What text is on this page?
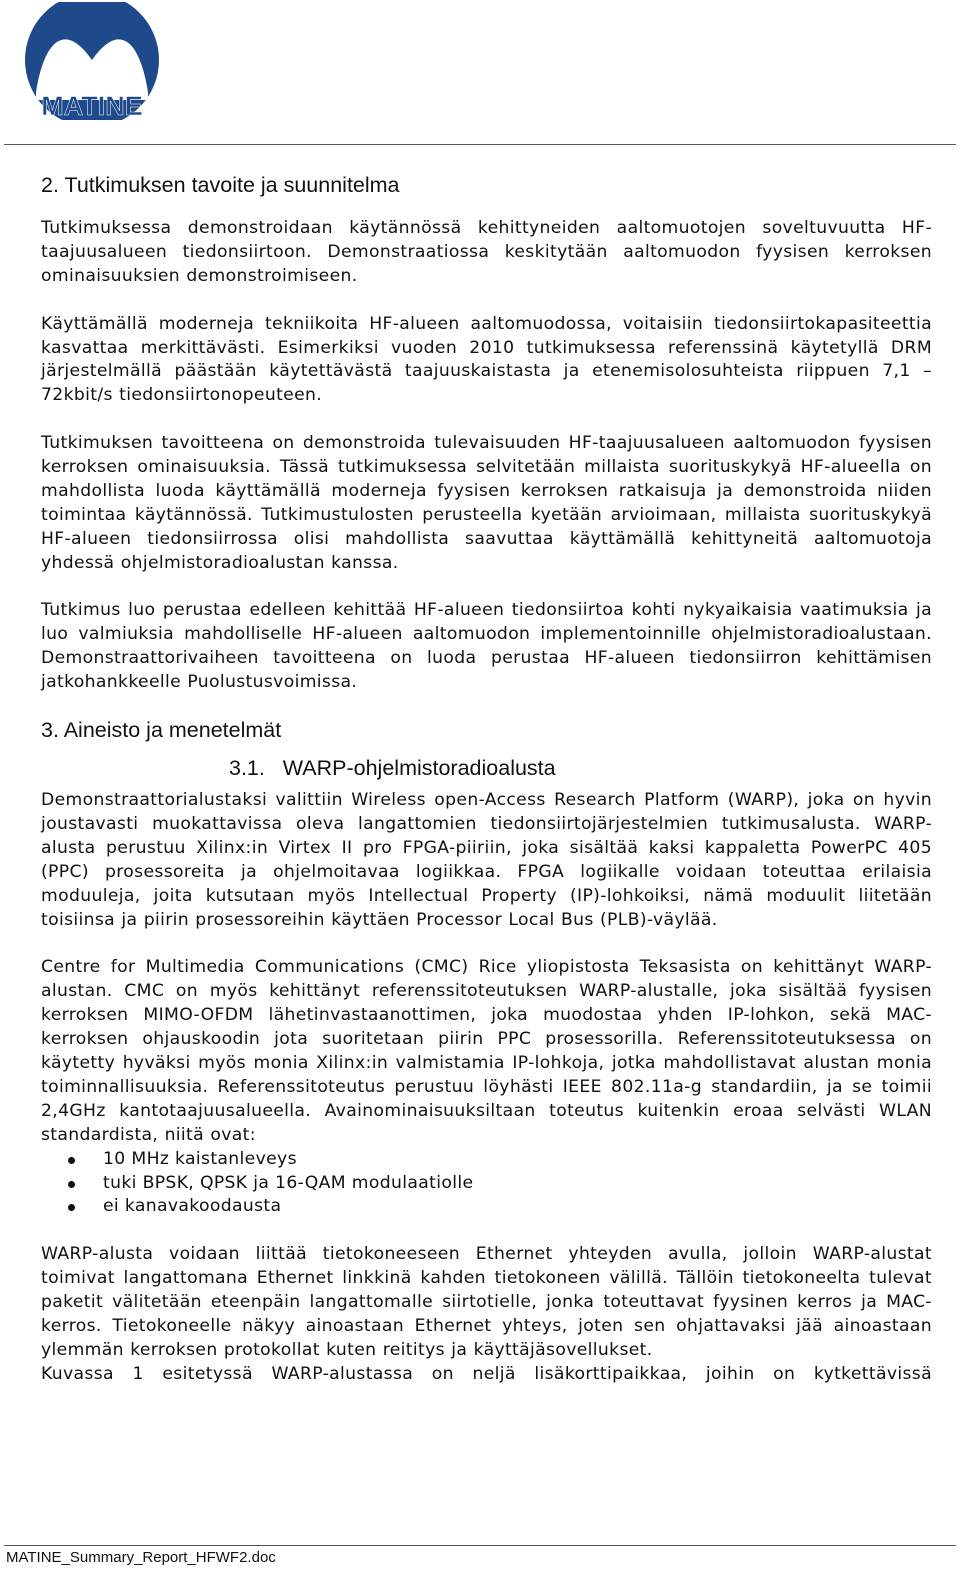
MATINE
2. Tutkimuksen tavoite ja suunnitelma

Tutkimuksessa demonstroidaan käytännössä kehittyneiden aaltomuotojen soveltuvuutta HF-taajuusalueen tiedonsiirtoon. Demonstraatiossa keskitytään aaltomuodon fyysisen kerroksen ominaisuuksien demonstroimiseen.

Käyttämällä moderneja tekniikoita HF-alueen aaltomuodossa, voitaisiin tiedonsiirtokapasiteettia kasvattaa merkittävästi. Esimerkiksi vuoden 2010 tutkimuksessa referenssinä käytetyllä DRM järjestelmällä päästään käytettävästä taajuuskaistasta ja etenemisolosuhteista riippuen 7,1 – 72kbit/s tiedonsiirtonopeuteen.

Tutkimuksen tavoitteena on demonstroida tulevaisuuden HF-taajuusalueen aaltomuodon fyysisen kerroksen ominaisuuksia. Tässä tutkimuksessa selvitetään millaista suorituskykyä HF-alueella on mahdollista luoda käyttämällä moderneja fyysisen kerroksen ratkaisuja ja demonstroida niiden toimintaa käytännössä. Tutkimustulosten perusteella kyetään arvioimaan, millaista suorituskykyä HF-alueen tiedonsiirrossa olisi mahdollista saavuttaa käyttämällä kehittyneitä aaltomuotoja yhdessä ohjelmistoradioalustan kanssa.

Tutkimus luo perustaa edelleen kehittää HF-alueen tiedonsiirtoa kohti nykyaikaisia vaatimuksia ja luo valmiuksia mahdolliselle HF-alueen aaltomuodon implementoinnille ohjelmistoradioalustaan. Demonstraattorivaiheen tavoitteena on luoda perustaa HF-alueen tiedonsiirron kehittämisen jatkohankkeelle Puolustusvoimissa.

3. Aineisto ja menetelmät
3.1.   WARP-ohjelmistoradioalusta

Demonstraattorialustaksi valittiin Wireless open-Access Research Platform (WARP), joka on hyvin joustavasti muokattavissa oleva langattomien tiedonsiirtojärjestelmien tutkimusalusta. WARP-alusta perustuu Xilinx:in Virtex II pro FPGA-piiriin, joka sisältää kaksi kappaletta PowerPC 405 (PPC) prosessoreita ja ohjelmoitavaa logiikkaa. FPGA logiikalle voidaan toteuttaa erilaisia moduuleja, joita kutsutaan myös Intellectual Property (IP)-lohkoiksi, nämä moduulit liitetään toisiinsa ja piirin prosessoreihin käyttäen Processor Local Bus (PLB)-väylää.

Centre for Multimedia Communications (CMC) Rice yliopistosta Teksasista on kehittänyt WARP-alustan. CMC on myös kehittänyt referenssitoteutuksen WARP-alustalle, joka sisältää fyysisen kerroksen MIMO-OFDM lähetinvastaanottimen, joka muodostaa yhden IP-lohkon, sekä MAC-kerroksen ohjauskoodin jota suoritetaan piirin PPC prosessorilla. Referenssitoteutuksessa on käytetty hyväksi myös monia Xilinx:in valmistamia IP-lohkoja, jotka mahdollistavat alustan monia toiminnallisuuksia. Referenssitoteutus perustuu löyhästi IEEE 802.11a-g standardiin, ja se toimii 2,4GHz kantotaajuusalueella. Avainominaisuuksiltaan toteutus kuitenkin eroaa selvästi WLAN standardista, niitä ovat:

10 MHz kaistanleveys
tuki BPSK, QPSK ja 16-QAM modulaatiolle
ei kanavakoodausta

WARP-alusta voidaan liittää tietokoneeseen Ethernet yhteyden avulla, jolloin WARP-alustat toimivat langattomana Ethernet linkkinä kahden tietokoneen välillä. Tällöin tietokoneelta tulevat paketit välitetään eteenpäin langattomalle siirtotielle, jonka toteuttavat fyysinen kerros ja MAC-kerros. Tietokoneelle näkyy ainoastaan Ethernet yhteys, joten sen ohjattavaksi jää ainoastaan ylemmän kerroksen protokollat kuten reititys ja käyttäjäsovellukset.

Kuvassa 1 esitetyssä WARP-alustassa on neljä lisäkorttipaikkaa, joihin on kytkettävissä

MATINE_Summary_Report_HFWF2.doc
